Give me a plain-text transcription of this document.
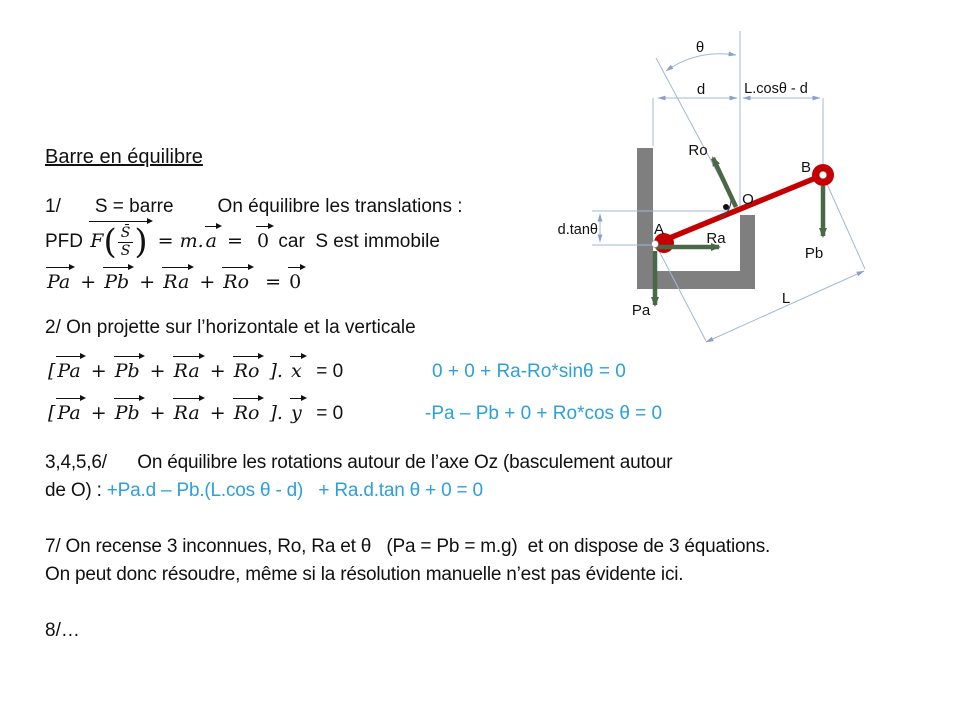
Barre en équilibre
1/ S = barre On équilibre les translations :
PFD $F( \frac{S̄}{S}$ ) = m. a =  0 car  S est immobile
Pa + Pb + Ra + Ro  = 0
2/ On projette sur l’horizontale et la verticale
[ Pa + Pb + Ra + Ro ]. x  = 0	0 + 0 + Ra-Ro*sinθ = 0
[ Pa + Pb + Ra + Ro ]. y  = 0	-Pa – Pb + 0 + Ro*cos θ = 0
3,4,5,6/      On équilibre les rotations autour de l’axe Oz (basculement autour
de O) : +Pa.d – Pb.(L.cos θ - d)   + Ra.d.tan θ + 0 = 0
7/ On recense 3 inconnues, Ro, Ra et θ   (Pa = Pb = m.g)  et on dispose de 3 équations.
On peut donc résoudre, même si la résolution manuelle n’est pas évidente ici.
8/…
θ
d	L.cosθ - d
d.tanθ
Ro
O
A
Ra
Pa
Pb
B
L
